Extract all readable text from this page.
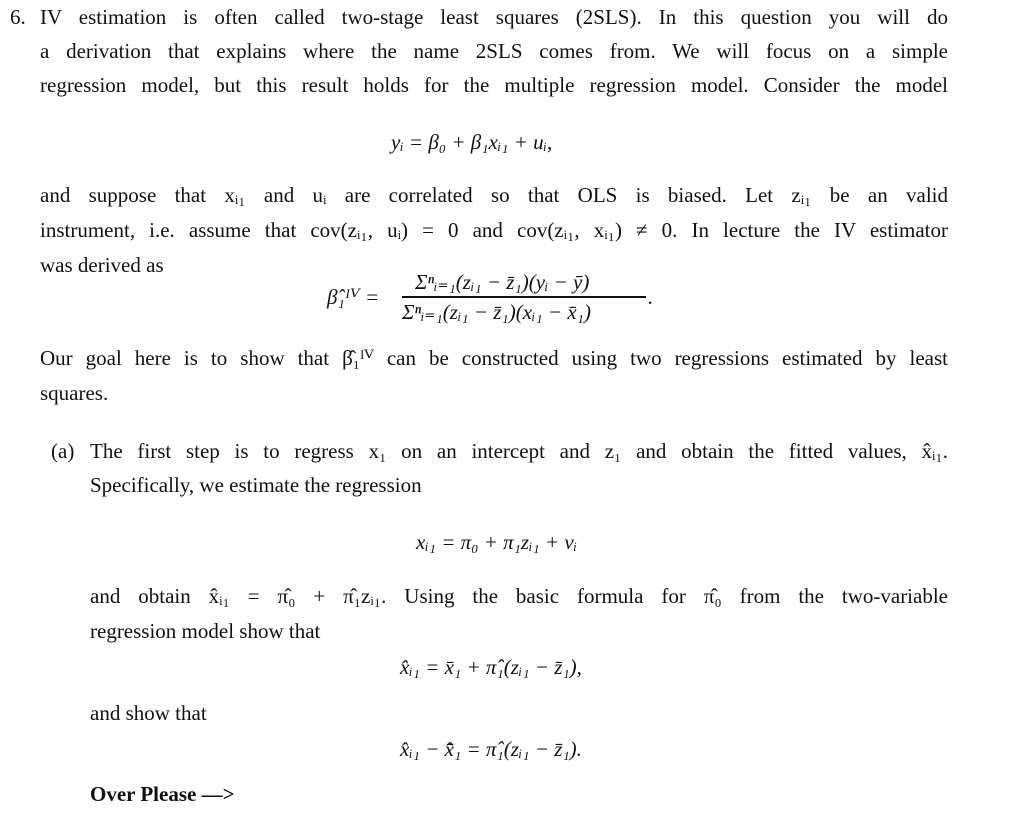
6. IV estimation is often called two-stage least squares (2SLS). In this question you will do
a derivation that explains where the name 2SLS comes from. We will focus on a simple
regression model, but this result holds for the multiple regression model. Consider the model
yᵢ = β₀ + β₁xᵢ₁ + uᵢ,
and suppose that xᵢ₁ and uᵢ are correlated so that OLS is biased. Let zᵢ₁ be an valid
instrument, i.e. assume that cov(zᵢ₁, uᵢ) = 0 and cov(zᵢ₁, xᵢ₁) ≠ 0. In lecture the IV estimator
was derived as
β̂₁ᴵⱽ =
Σⁿᵢ₌₁(zᵢ₁ − z̄₁)(yᵢ − ȳ)
Σⁿᵢ₌₁(zᵢ₁ − z̄₁)(xᵢ₁ − x̄₁)
.
Our goal here is to show that β̂₁ᴵⱽ can be constructed using two regressions estimated by least
squares.
(a) The first step is to regress x₁ on an intercept and z₁ and obtain the fitted values, x̂ᵢ₁.
Specifically, we estimate the regression
xᵢ₁ = π₀ + π₁zᵢ₁ + vᵢ
and obtain x̂ᵢ₁ = π̂₀ + π̂₁zᵢ₁. Using the basic formula for π̂₀ from the two-variable
regression model show that
x̂ᵢ₁ = x̄₁ + π̂₁(zᵢ₁ − z̄₁),
and show that
x̂ᵢ₁ − x̂̄₁ = π̂₁(zᵢ₁ − z̄₁).
Over Please —>
